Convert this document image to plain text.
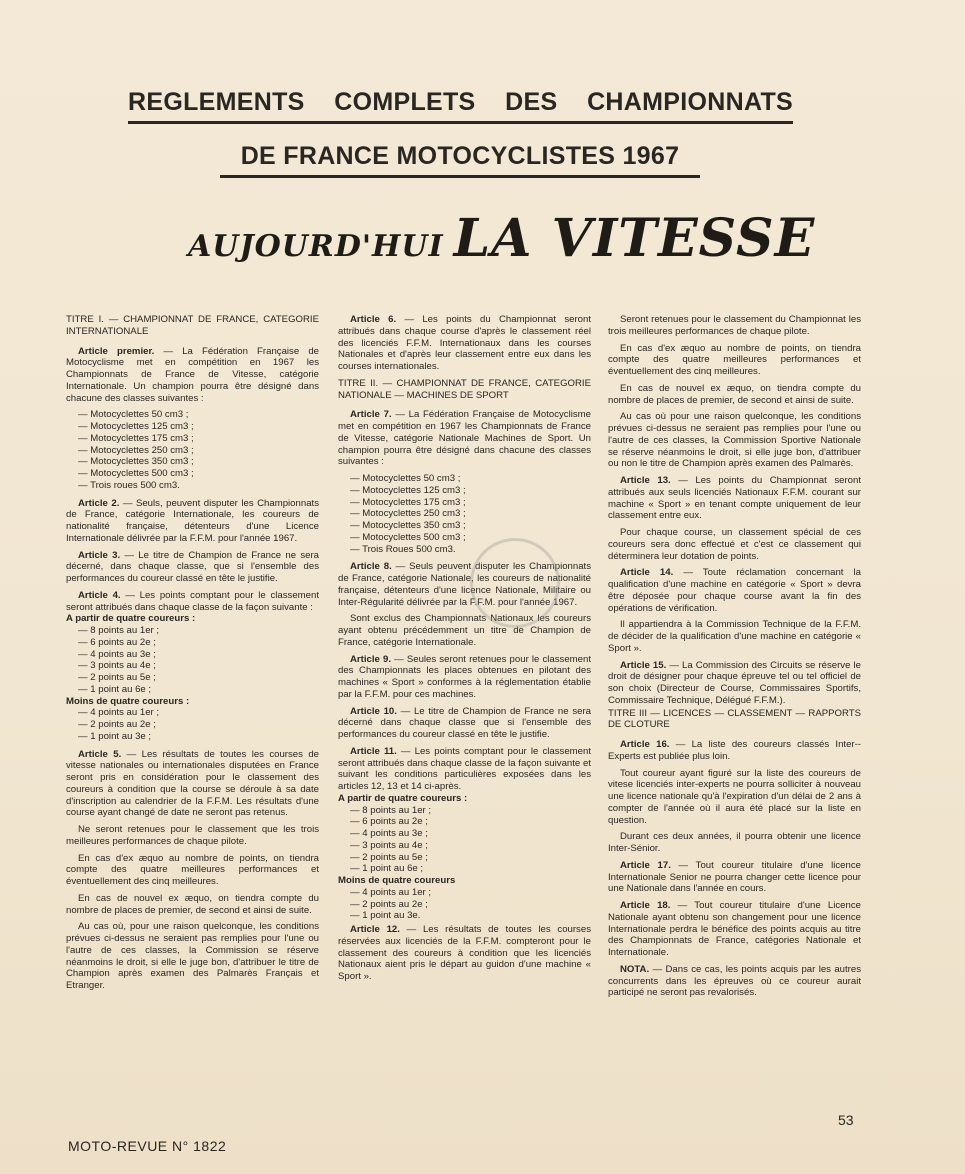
REGLEMENTS COMPLETS DES CHAMPIONNATS
DE FRANCE MOTOCYCLISTES 1967
AUJOURD'HUI LA VITESSE

TITRE I. — CHAMPIONNAT DE FRANCE, CATEGORIE INTERNATIONALE

Article premier. — La Fédération Française de Motocyclisme met en compétition en 1967 les Championnats de France de Vitesse, catégorie Internationale. Un champion pourra être désigné dans chacune des classes suivantes :

— Motocyclettes 50 cm3 ;
— Motocyclettes 125 cm3 ;
— Motocyclettes 175 cm3 ;
— Motocyclettes 250 cm3 ;
— Motocyclettes 350 cm3 ;
— Motocyclettes 500 cm3 ;
— Trois roues 500 cm3.

Article 2. — Seuls, peuvent disputer les Championnats de France, catégorie Internationale, les coureurs de nationalité française, détenteurs d'une Licence Internationale délivrée par la F.F.M. pour l'année 1967.

Article 3. — Le titre de Champion de France ne sera décerné, dans chaque classe, que si l'ensemble des performances du coureur classé en tête le justifie.

Article 4. — Les points comptant pour le classement seront attribués dans chaque classe de la façon suivante :

A partir de quatre coureurs :

— 8 points au 1er ;
— 6 points au 2e ;
— 4 points au 3e ;
— 3 points au 4e ;
— 2 points au 5e ;
— 1 point au 6e ;

Moins de quatre coureurs :

— 4 points au 1er ;
— 2 points au 2e ;
— 1 point au 3e ;

Article 5. — Les résultats de toutes les courses de vitesse nationales ou internationales disputées en France seront pris en considération pour le classement des coureurs à condition que la course se déroule à sa date d'inscription au calendrier de la F.F.M. Les résultats d'une course ayant changé de date ne seront pas retenus.

Ne seront retenues pour le classement que les trois meilleures performances de chaque pilote.

En cas d'ex æquo au nombre de points, on tiendra compte des quatre meilleures performances et éventuellement des cinq meilleures.

En cas de nouvel ex æquo, on tiendra compte du nombre de places de premier, de second et ainsi de suite.

Au cas où, pour une raison quelconque, les conditions prévues ci-dessus ne seraient pas remplies pour l'une ou l'autre de ces classes, la Commission se réserve néanmoins le droit, si elle le juge bon, d'attribuer le titre de Champion après examen des Palmarès Français et Etranger.

Article 6. — Les points du Championnat seront attribués dans chaque course d'après le classement réel des licenciés F.F.M. Internationaux dans les courses Nationales et d'après leur classement entre eux dans les courses internationales.

TITRE II. — CHAMPIONNAT DE FRANCE, CATEGORIE NATIONALE — MACHINES DE SPORT

Article 7. — La Fédération Française de Motocyclisme met en compétition en 1967 les Championnats de France de Vitesse, catégorie Nationale Machines de Sport. Un champion pourra être désigné dans chacune des classes suivantes :

— Motocyclettes 50 cm3 ;
— Motocyclettes 125 cm3 ;
— Motocyclettes 175 cm3 ;
— Motocyclettes 250 cm3 ;
— Motocyclettes 350 cm3 ;
— Motocyclettes 500 cm3 ;
— Trois Roues 500 cm3.

Article 8. — Seuls peuvent disputer les Championnats de France, catégorie Nationale, les coureurs de nationalité française, détenteurs d'une licence Nationale, Militaire ou Inter-Régularité délivrée par la F.F.M. pour l'année 1967.

Sont exclus des Championnats Nationaux les coureurs ayant obtenu précédemment un titre de Champion de France, catégorie Internationale.

Article 9. — Seules seront retenues pour le classement des Championnats les places obtenues en pilotant des machines « Sport » conformes à la réglementation établie par la F.F.M. pour ces machines.

Article 10. — Le titre de Champion de France ne sera décerné dans chaque classe que si l'ensemble des performances du coureur classé en tête le justifie.

Article 11. — Les points comptant pour le classement seront attribués dans chaque classe de la façon suivante et suivant les conditions particulières exposées dans les articles 12, 13 et 14 ci-après.

A partir de quatre coureurs :

— 8 points au 1er ;
— 6 points au 2e ;
— 4 points au 3e ;
— 3 points au 4e ;
— 2 points au 5e ;
— 1 point au 6e ;

Moins de quatre coureurs

— 4 points au 1er ;
— 2 points au 2e ;
— 1 point au 3e.

Article 12. — Les résultats de toutes les courses réservées aux licenciés de la F.F.M. compteront pour le classement des coureurs à condition que les licenciés Nationaux aient pris le départ au guidon d'une machine « Sport ».

Seront retenues pour le classement du Championnat les trois meilleures performances de chaque pilote.

En cas d'ex æquo au nombre de points, on tiendra compte des quatre meilleures performances et éventuellement des cinq meilleures.

En cas de nouvel ex æquo, on tiendra compte du nombre de places de premier, de second et ainsi de suite.

Au cas où pour une raison quelconque, les conditions prévues ci-dessus ne seraient pas remplies pour l'une ou l'autre de ces classes, la Commission Sportive Nationale se réserve néanmoins le droit, si elle juge bon, d'attribuer ou non le titre de Champion après examen des Palmarès.

Article 13. — Les points du Championnat seront attribués aux seuls licenciés Nationaux F.F.M. courant sur machine « Sport » en tenant compte uniquement de leur classement entre eux.

Pour chaque course, un classement spécial de ces coureurs sera donc effectué et c'est ce classement qui déterminera leur dotation de points.

Article 14. — Toute réclamation concernant la qualification d'une machine en catégorie « Sport » devra être déposée pour chaque course avant la fin des opérations de vérification.

Il appartiendra à la Commission Technique de la F.F.M. de décider de la qualification d'une machine en catégorie « Sport ».

Article 15. — La Commission des Circuits se réserve le droit de désigner pour chaque épreuve tel ou tel officiel de son choix (Directeur de Course, Commissaires Sportifs, Commissaire Technique, Délégué F.F.M.).

TITRE III — LICENCES — CLASSEMENT — RAPPORTS DE CLOTURE

Article 16. — La liste des coureurs classés Inter--Experts est publiée plus loin.

Tout coureur ayant figuré sur la liste des coureurs de vitese licenciés inter-experts ne pourra solliciter à nouveau une licence nationale qu'à l'expiration d'un délai de 2 ans à compter de l'année où il aura été placé sur la liste en question.

Durant ces deux années, il pourra obtenir une licence Inter-Sénior.

Article 17. — Tout coureur titulaire d'une licence Internationale Senior ne pourra changer cette licence pour une Nationale dans l'année en cours.

Article 18. — Tout coureur titulaire d'une Licence Nationale ayant obtenu son changement pour une licence Internationale perdra le bénéfice des points acquis au titre des Championnats de France, catégories Nationale et Internationale.

NOTA. — Dans ce cas, les points acquis par les autres concurrents dans les épreuves où ce coureur aurait participé ne seront pas revalorisés.

MOTO-REVUE N° 1822
53
